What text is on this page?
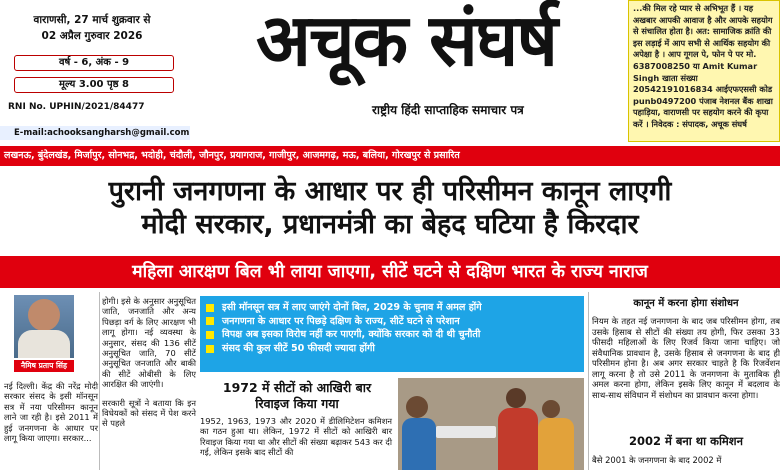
वाराणसी, 27 मार्च शुक्रवार से
02 अप्रैल गुरुवार 2026
वर्ष - 6, अंक - 9
मूल्य 3.00 पृष्ठ 8
RNI No. UPHIN/2021/84477
E-mail:achooksangharsh@gmail.com
अचूक संघर्ष
राष्ट्रीय हिंदी साप्ताहिक समाचार पत्र
...की मिल रहे प्यार से अभिभूत हैं । यह अखबार आपकी आवाज है और आपके सहयोग से संचालित होता है। अत: सामाजिक क्रांति की इस लड़ाई में आप सभी से आर्थिक सहयोग की अपेक्षा है । आप गूगल पे, फोन पे पर मो. 6387008250 या Amit Kumar Singh खाता संख्या 20542191016834 आईएफएससी कोड punb0497200 पंजाब नेशनल बैंक शाखा पहाड़िया, वाराणसी पर सहयोग करने की कृपा करें । निवेदक : संपादक, अचूक संघर्ष
लखनऊ, बुंदेलखंड, मिर्जापुर, सोनभद्र, भदोही, चंदौली, जौनपुर, प्रयागराज, गाजीपुर, आजमगढ़, मऊ, बलिया, गोरखपुर से प्रसारित
पुरानी जनगणना के आधार पर ही परिसीमन कानून लाएगी
मोदी सरकार, प्रधानमंत्री का बेहद घटिया है किरदार
महिला आरक्षण बिल भी लाया जाएगा, सीटें घटने से दक्षिण भारत के राज्य नाराज
नैमिष प्रताप सिंह
नई दिल्ली। केंद्र की नरेंद्र मोदी सरकार संसद के इसी मॉनसून सत्र में नया परिसीमन कानून लाने जा रही है। इसे 2011 में हुई जनगणना के आधार पर लागू किया जाएगा। सरकार...

होगी। इसे के अनुसार अनुसूचित जाति, जनजाति और अन्य पिछड़ा वर्ग के लिए आरक्षण भी लागू होगा। नई व्यवस्था के अनुसार, संसद की 136 सीटें अनुसूचित जाति, 70 सीटें अनुसूचित जनजाति और बाकी की सीटें ओबीसी के लिए आरक्षित की जाएंगी।

सरकारी सूत्रों ने बताया कि इन विधेयकों को संसद में पेश करने से पहले

इसी मॉनसून सत्र में लाए जाएंगे दोनों बिल, 2029 के चुनाव में अमल होंगे
जनगणना के आधार पर पिछड़े दक्षिण के राज्य, सीटें घटने से परेशान
विपक्ष अब इसका विरोध नहीं कर पाएगी, क्योंकि सरकार को दी थी चुनौती
संसद की कुल सीटें 50 फीसदी ज्यादा होंगी
1972 में सीटों को आखिरी बार रिवाइज किया गया
1952, 1963, 1973 और 2020 में डीलिमिटेशन कमिशन का गठन हुआ था। लेकिन, 1972 में सीटों को आखिरी बार रिवाइज किया गया था और सीटों की संख्या बढ़ाकर 543 कर दी गई, लेकिन इसके बाद सीटों की
कानून में करना होगा संशोधन
नियम के तहत नई जनगणना के बाद जब परिसीमन होगा, तब उसके हिसाब से सीटों की संख्या तय होगी, फिर उसका 33 फीसदी महिलाओं के लिए रिजर्व किया जाना चाहिए। जो संवैधानिक प्रावधान है, उसके हिसाब से जनगणना के बाद ही परिसीमन होना है। अब अगर सरकार चाहते है कि रिजर्वेशन लागू करना है तो उसे 2011 के जनगणना के मुताबिक ही अमल करना होगा, लेकिन इसके लिए कानून में बदलाव के साथ-साथ संविधान में संशोधन का प्रावधान करना होगा।
2002 में बना था कमिशन
बैसे 2001 के जनगणना के बाद 2002 में
